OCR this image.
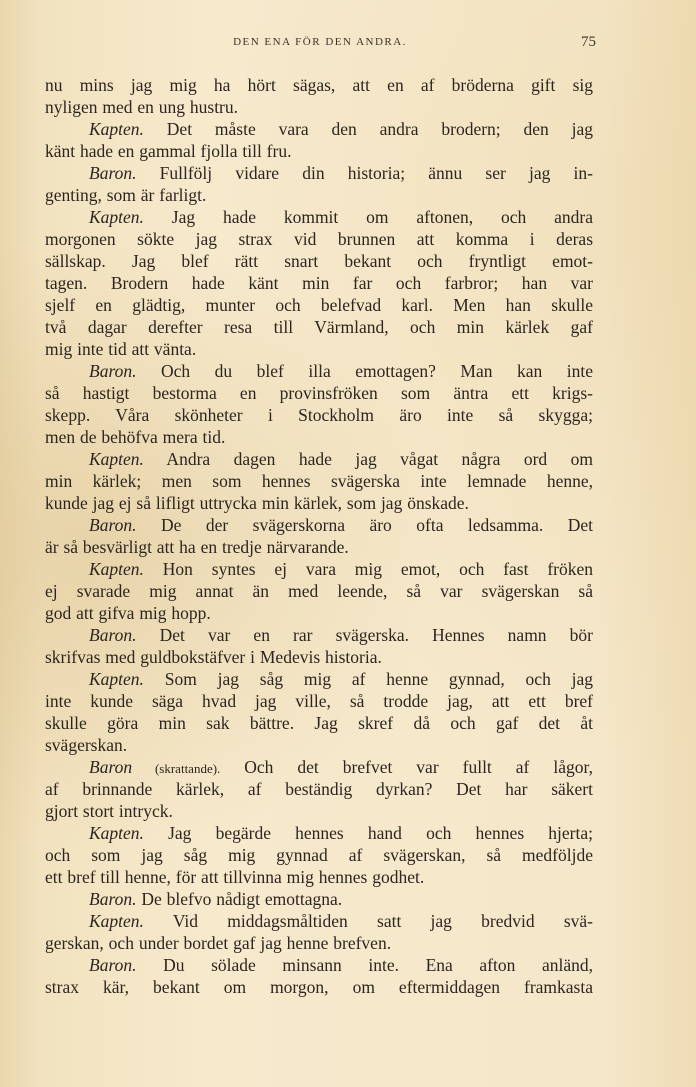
DEN ENA FÖR DEN ANDRA.	75
nu mins jag mig ha hört sägas, att en af bröderna gift sig
nyligen med en ung hustru.
Kapten. Det måste vara den andra brodern; den jag
känt hade en gammal fjolla till fru.
Baron. Fullfölj vidare din historia; ännu ser jag in-
genting, som är farligt.
Kapten. Jag hade kommit om aftonen, och andra
morgonen sökte jag strax vid brunnen att komma i deras
sällskap. Jag blef rätt snart bekant och fryntligt emot-
tagen. Brodern hade känt min far och farbror; han var
sjelf en glädtig, munter och belefvad karl. Men han skulle
två dagar derefter resa till Värmland, och min kärlek gaf
mig inte tid att vänta.
Baron. Och du blef illa emottagen? Man kan inte
så hastigt bestorma en provinsfröken som äntra ett krigs-
skepp. Våra skönheter i Stockholm äro inte så skygga;
men de behöfva mera tid.
Kapten. Andra dagen hade jag vågat några ord om
min kärlek; men som hennes svägerska inte lemnade henne,
kunde jag ej så lifligt uttrycka min kärlek, som jag önskade.
Baron. De der svägerskorna äro ofta ledsamma. Det
är så besvärligt att ha en tredje närvarande.
Kapten. Hon syntes ej vara mig emot, och fast fröken
ej svarade mig annat än med leende, så var svägerskan så
god att gifva mig hopp.
Baron. Det var en rar svägerska. Hennes namn bör
skrifvas med guldbokstäfver i Medevis historia.
Kapten. Som jag såg mig af henne gynnad, och jag
inte kunde säga hvad jag ville, så trodde jag, att ett bref
skulle göra min sak bättre. Jag skref då och gaf det åt
svägerskan.
Baron (skrattande). Och det brefvet var fullt af lågor,
af brinnande kärlek, af beständig dyrkan? Det har säkert
gjort stort intryck.
Kapten. Jag begärde hennes hand och hennes hjerta;
och som jag såg mig gynnad af svägerskan, så medföljde
ett bref till henne, för att tillvinna mig hennes godhet.
Baron. De blefvo nådigt emottagna.
Kapten. Vid middagsmåltiden satt jag bredvid svä-
gerskan, och under bordet gaf jag henne brefven.
Baron. Du sölade minsann inte. Ena afton anländ,
strax kär, bekant om morgon, om eftermiddagen framkasta
